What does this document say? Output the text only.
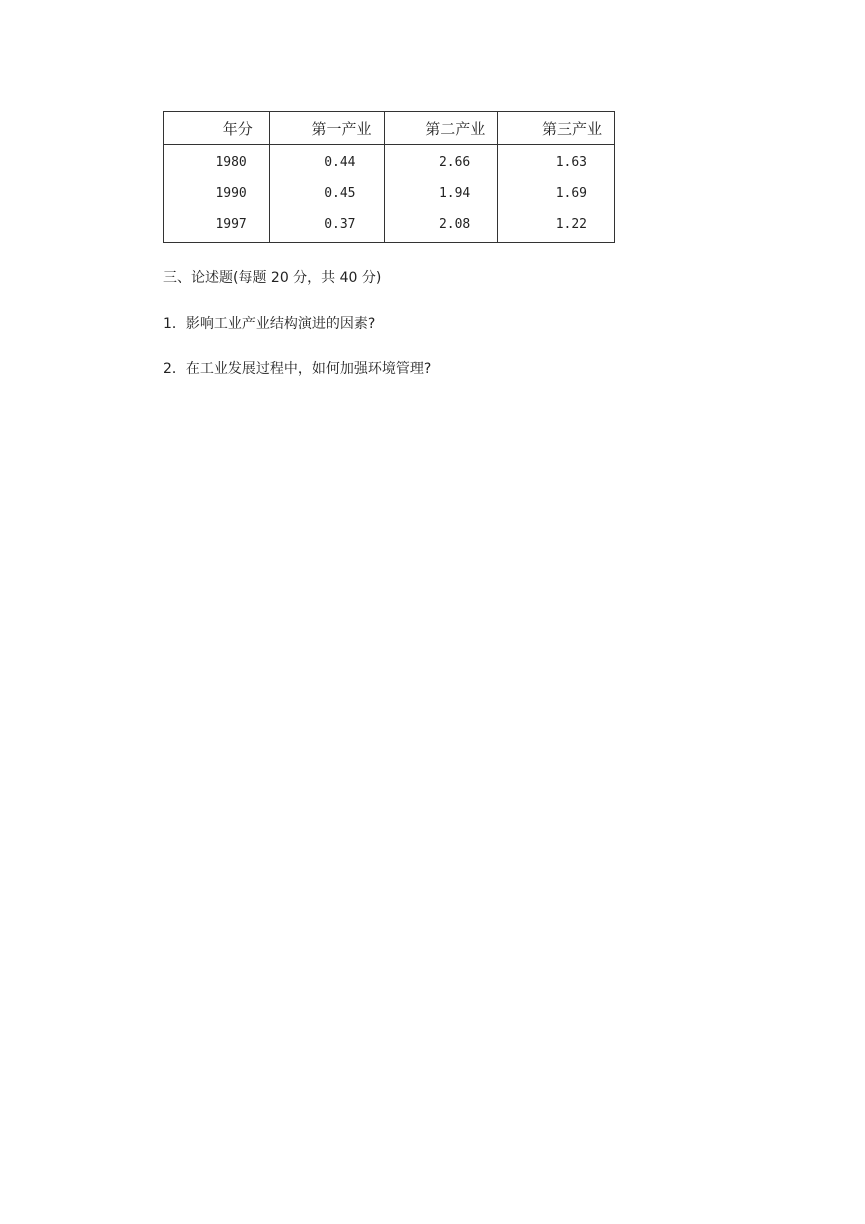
年分	第一产业	第二产业	第三产业
1980	0.44	2.66	1.63
1990	0.45	1.94	1.69
1997	0.37	2.08	1.22
三、论述题(每题 20 分，共 40 分)
1．影响工业产业结构演进的因素?
2．在工业发展过程中，如何加强环境管理?
